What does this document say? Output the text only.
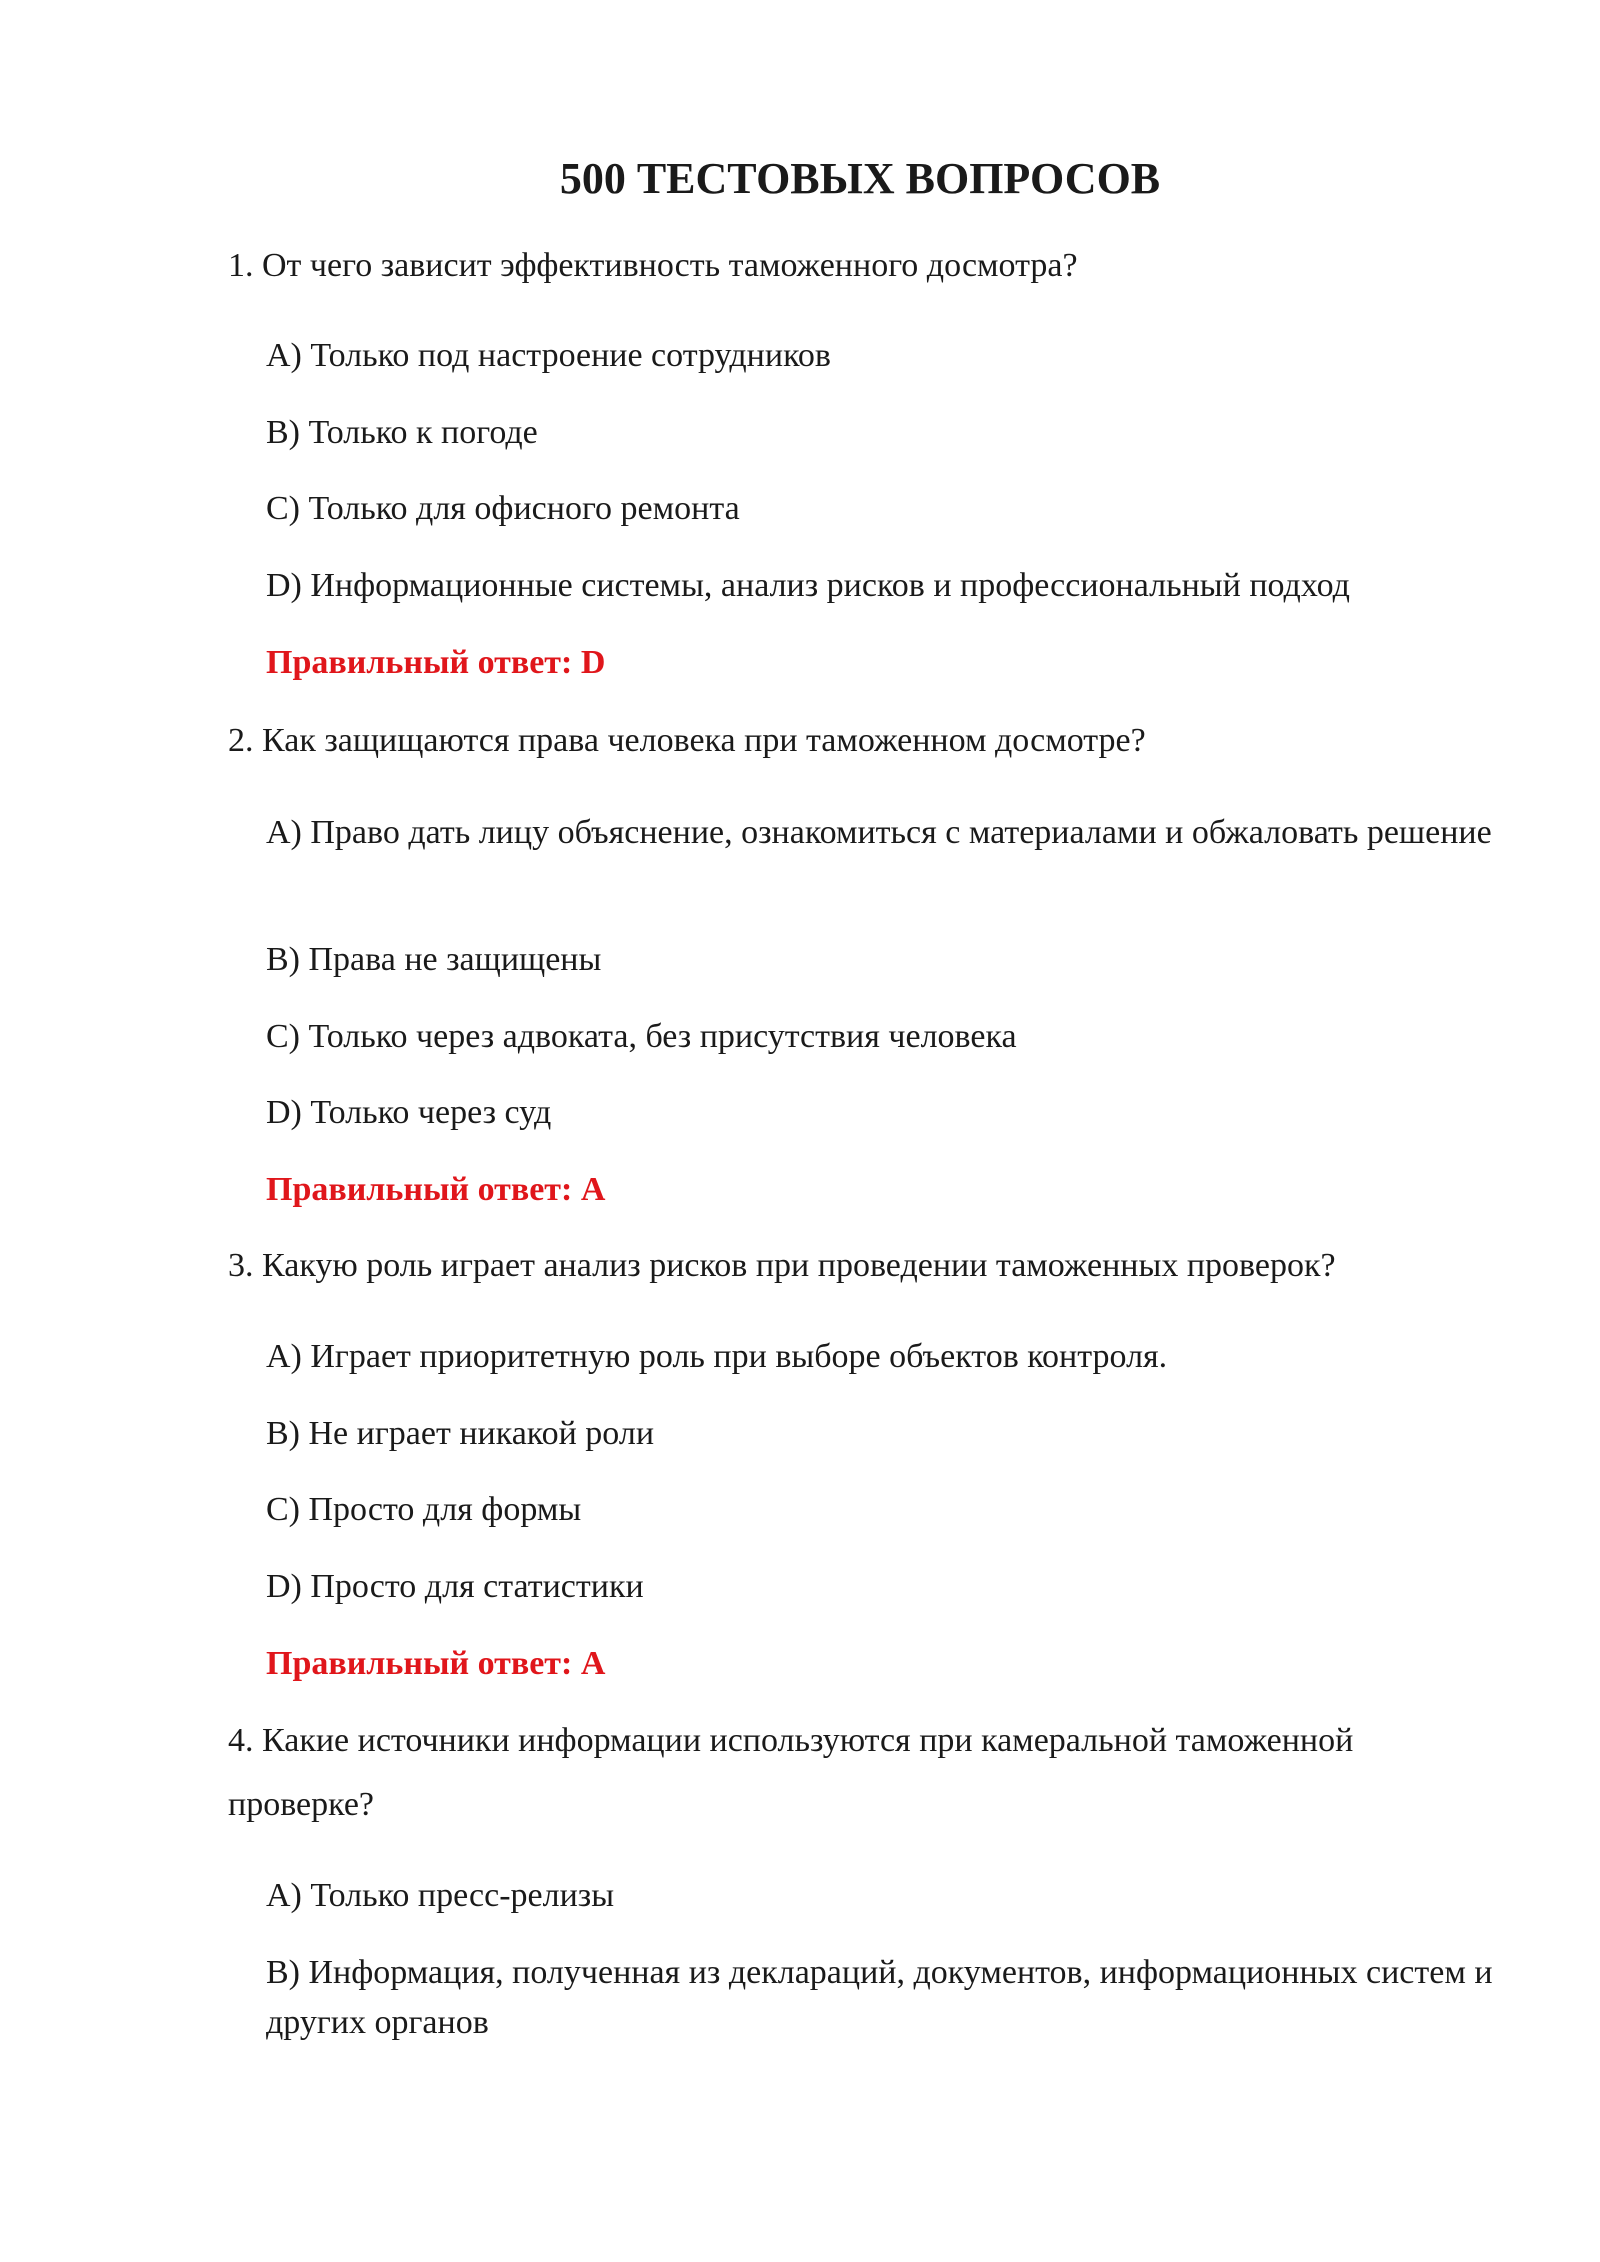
500 ТЕСТОВЫХ ВОПРОСОВ

1. От чего зависит эффективность таможенного досмотра?

A) Только под настроение сотрудников

B) Только к погоде

C) Только для офисного ремонта

D) Информационные системы, анализ рисков и профессиональный подход

Правильный ответ: D

2. Как защищаются права человека при таможенном досмотре?

A) Право дать лицу объяснение, ознакомиться с материалами и обжаловать решение

B) Права не защищены

C) Только через адвоката, без присутствия человека

D) Только через суд

Правильный ответ: A

3. Какую роль играет анализ рисков при проведении таможенных проверок?

A) Играет приоритетную роль при выборе объектов контроля.

B) Не играет никакой роли

C) Просто для формы

D) Просто для статистики

Правильный ответ: A

4. Какие источники информации используются при камеральной таможенной проверке?

A) Только пресс-релизы

B) Информация, полученная из деклараций, документов, информационных систем и других органов
